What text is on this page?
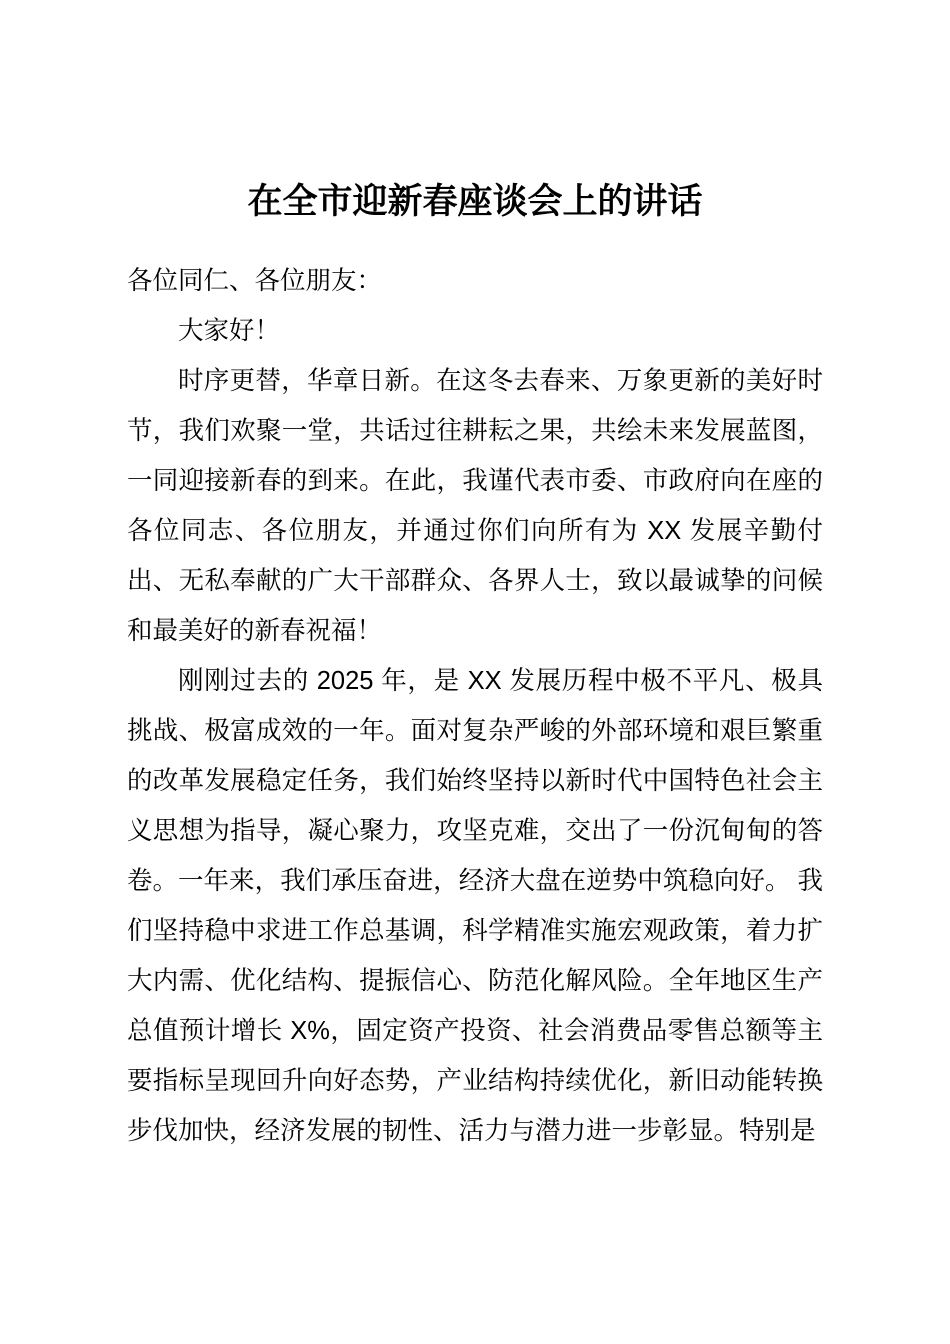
在全市迎新春座谈会上的讲话

各位同仁、各位朋友：

大家好！

时序更替，华章日新。在这冬去春来、万象更新的美好时节，我们欢聚一堂，共话过往耕耘之果，共绘未来发展蓝图，一同迎接新春的到来。在此，我谨代表市委、市政府向在座的各位同志、各位朋友，并通过你们向所有为 XX 发展辛勤付出、无私奉献的广大干部群众、各界人士，致以最诚挚的问候和最美好的新春祝福！

刚刚过去的 2025 年，是 XX 发展历程中极不平凡、极具挑战、极富成效的一年。面对复杂严峻的外部环境和艰巨繁重的改革发展稳定任务，我们始终坚持以新时代中国特色社会主义思想为指导，凝心聚力，攻坚克难，交出了一份沉甸甸的答卷。一年来，我们承压奋进，经济大盘在逆势中筑稳向好。 我们坚持稳中求进工作总基调，科学精准实施宏观政策，着力扩大内需、优化结构、提振信心、防范化解风险。全年地区生产总值预计增长 X%，固定资产投资、社会消费品零售总额等主要指标呈现回升向好态势，产业结构持续优化，新旧动能转换步伐加快，经济发展的韧性、活力与潜力进一步彰显。特别是
